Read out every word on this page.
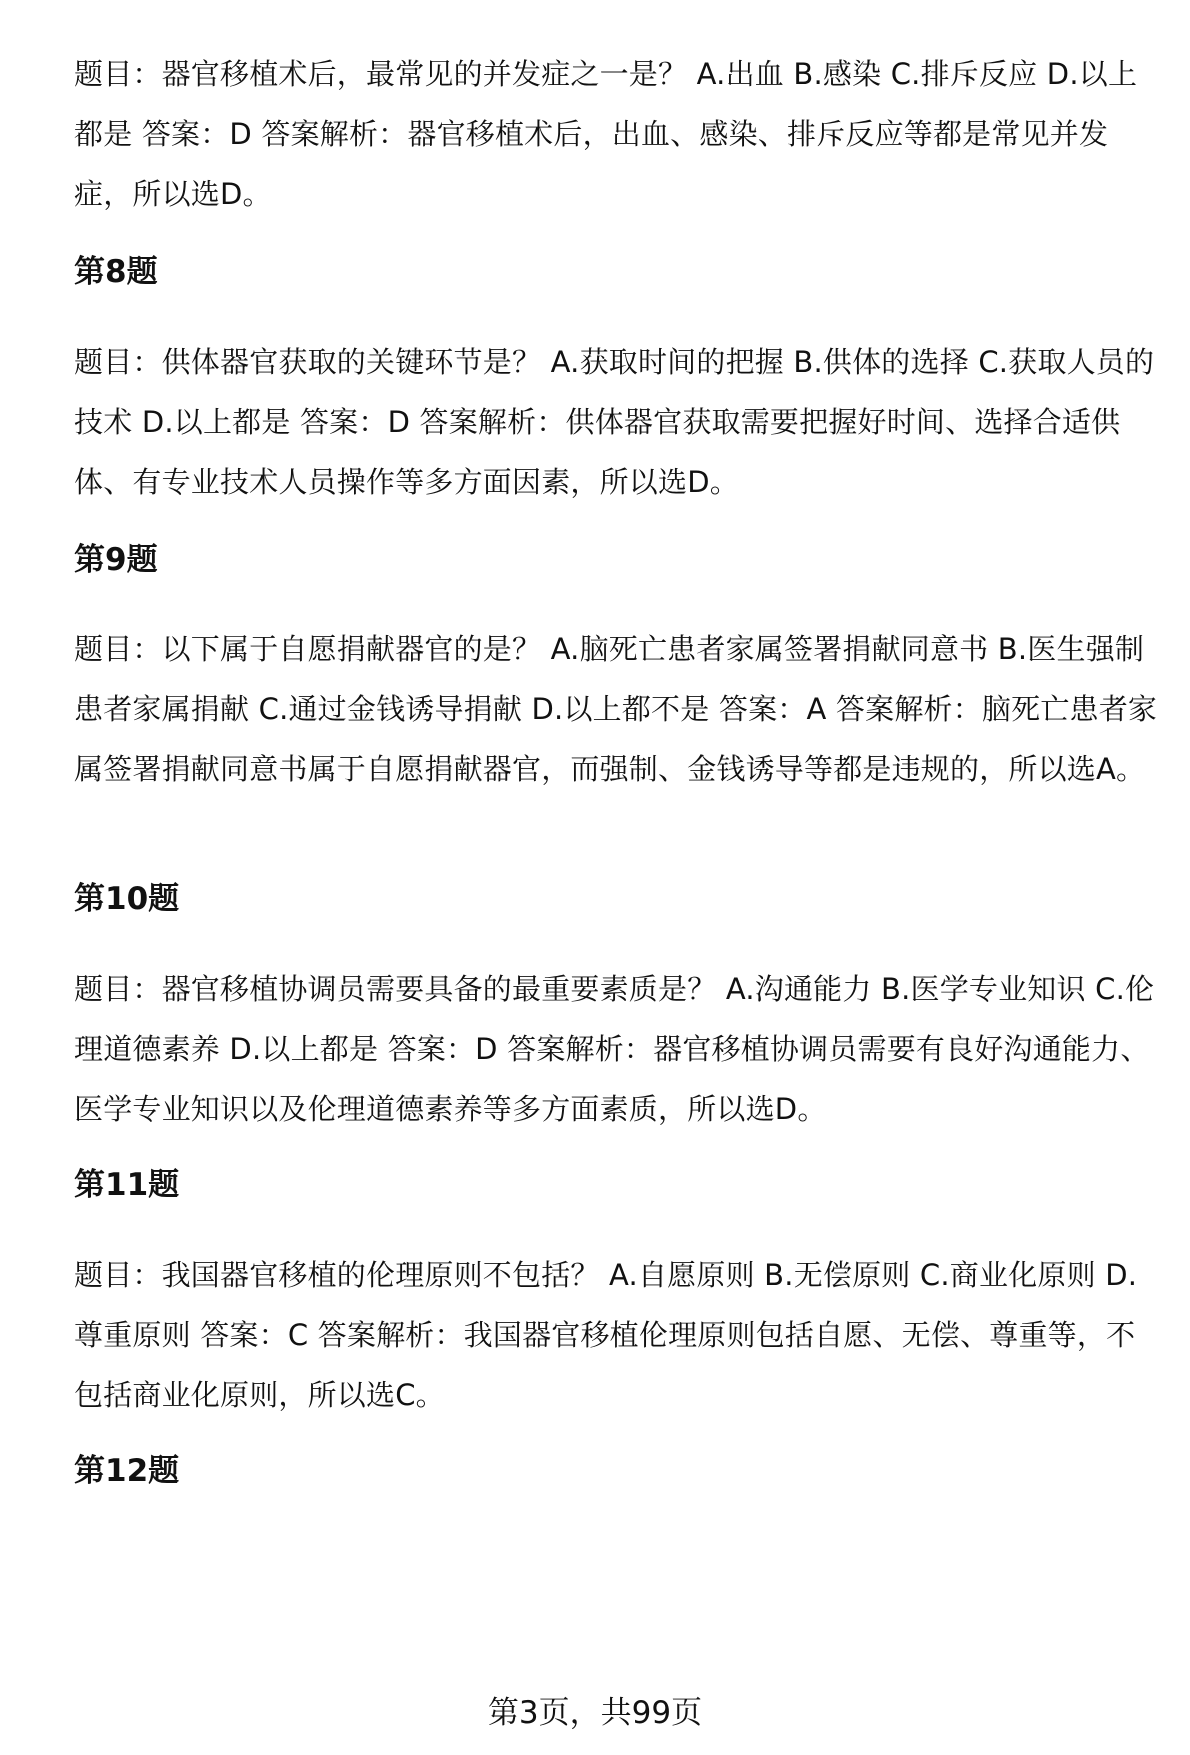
题目：器官移植术后，最常见的并发症之一是？ A.出血 B.感染 C.排斥反应 D.以上都是 答案：D 答案解析：器官移植术后，出血、感染、排斥反应等都是常见并发症，所以选D。

第8题

题目：供体器官获取的关键环节是？ A.获取时间的把握 B.供体的选择 C.获取人员的技术 D.以上都是 答案：D 答案解析：供体器官获取需要把握好时间、选择合适供体、有专业技术人员操作等多方面因素，所以选D。

第9题

题目：以下属于自愿捐献器官的是？ A.脑死亡患者家属签署捐献同意书 B.医生强制患者家属捐献 C.通过金钱诱导捐献 D.以上都不是 答案：A 答案解析：脑死亡患者家属签署捐献同意书属于自愿捐献器官，而强制、金钱诱导等都是违规的，所以选A。

第10题

题目：器官移植协调员需要具备的最重要素质是？ A.沟通能力 B.医学专业知识 C.伦理道德素养 D.以上都是 答案：D 答案解析：器官移植协调员需要有良好沟通能力、医学专业知识以及伦理道德素养等多方面素质，所以选D。

第11题

题目：我国器官移植的伦理原则不包括？ A.自愿原则 B.无偿原则 C.商业化原则 D.尊重原则 答案：C 答案解析：我国器官移植伦理原则包括自愿、无偿、尊重等，不包括商业化原则，所以选C。

第12题
第3页，共99页
